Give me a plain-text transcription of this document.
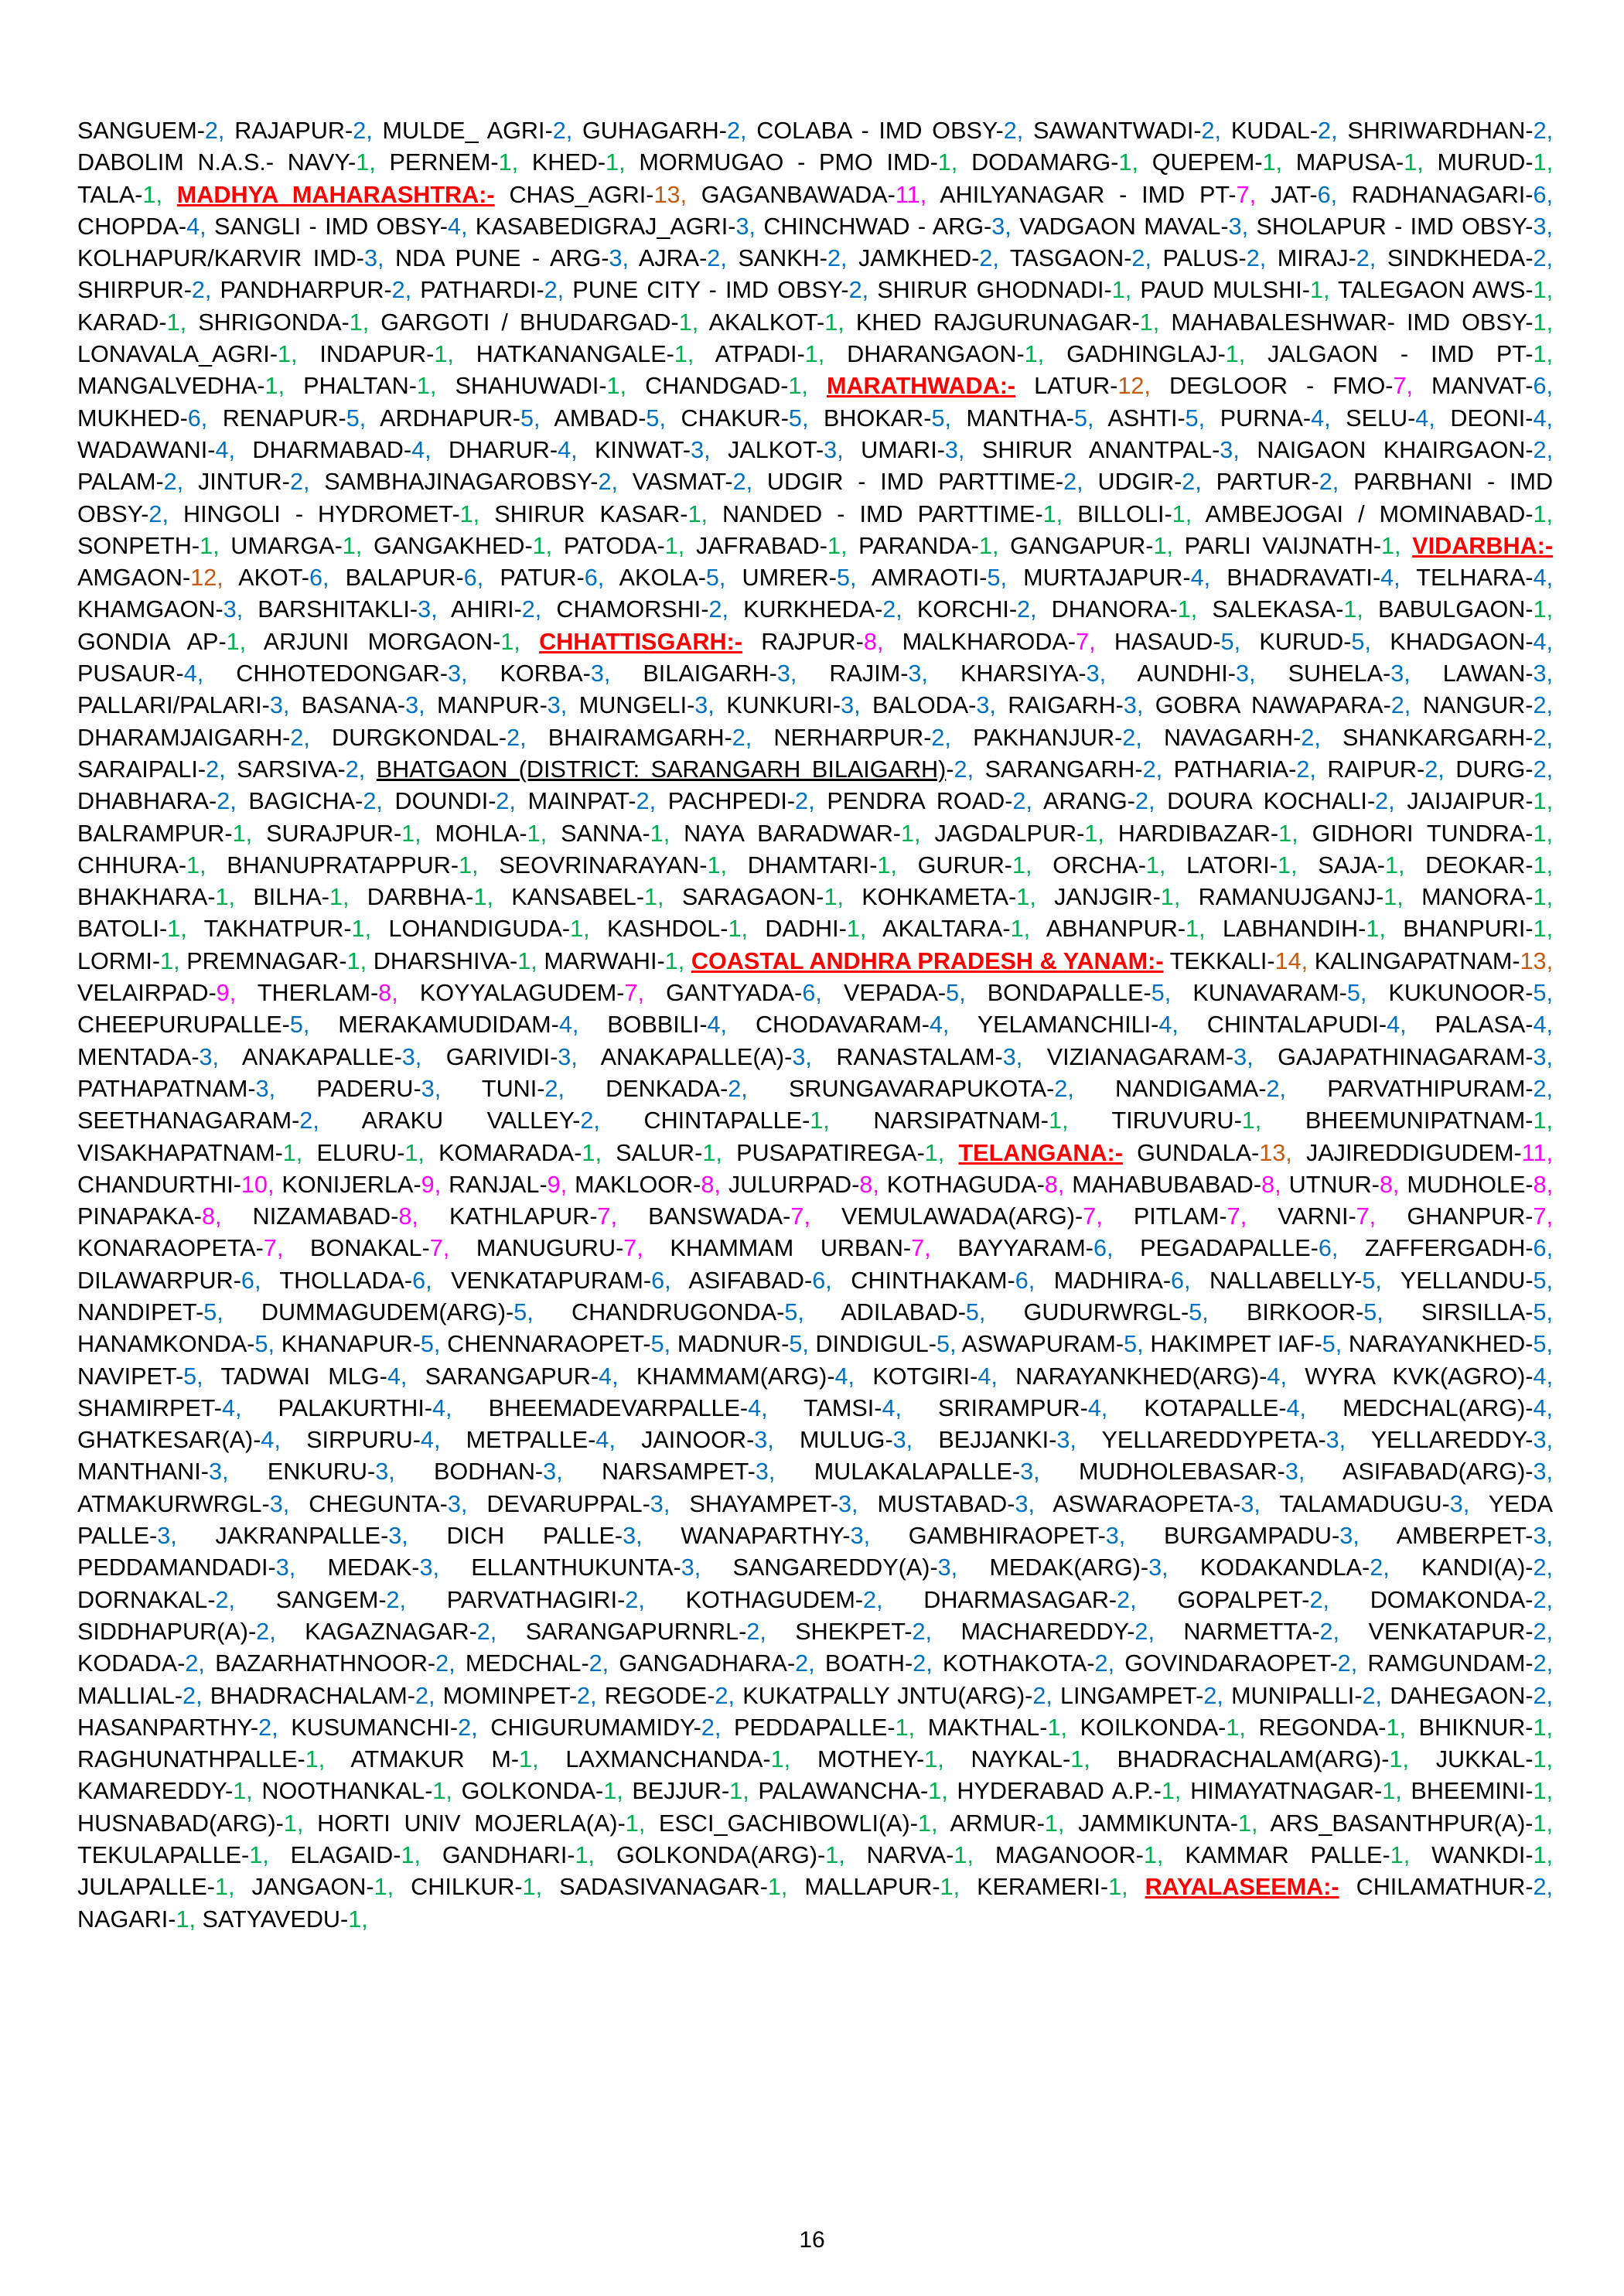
SANGUEM-2, RAJAPUR-2, MULDE_ AGRI-2, GUHAGARH-2, COLABA - IMD OBSY-2, SAWANTWADI-2, KUDAL-2, SHRIWARDHAN-2, DABOLIM N.A.S.- NAVY-1, PERNEM-1, KHED-1, MORMUGAO - PMO IMD-1, DODAMARG-1, QUEPEM-1, MAPUSA-1, MURUD-1, TALA-1, MADHYA MAHARASHTRA:- CHAS_AGRI-13, GAGANBAWADA-11, AHILYANAGAR - IMD PT-7, JAT-6, RADHANAGARI-6, CHOPDA-4, SANGLI - IMD OBSY-4, KASABEDIGRAJ_AGRI-3, CHINCHWAD - ARG-3, VADGAON MAVAL-3, SHOLAPUR - IMD OBSY-3, KOLHAPUR/KARVIR IMD-3, NDA PUNE - ARG-3, AJRA-2, SANKH-2, JAMKHED-2, TASGAON-2, PALUS-2, MIRAJ-2, SINDKHEDA-2, SHIRPUR-2, PANDHARPUR-2, PATHARDI-2, PUNE CITY - IMD OBSY-2, SHIRUR GHODNADI-1, PAUD MULSHI-1, TALEGAON AWS-1, KARAD-1, SHRIGONDA-1, GARGOTI / BHUDARGAD-1, AKALKOT-1, KHED RAJGURUNAGAR-1, MAHABALESHWAR- IMD OBSY-1, LONAVALA_AGRI-1, INDAPUR-1, HATKANANGALE-1, ATPADI-1, DHARANGAON-1, GADHINGLAJ-1, JALGAON - IMD PT-1, MANGALVEDHA-1, PHALTAN-1, SHAHUWADI-1, CHANDGAD-1, MARATHWADA:- LATUR-12, DEGLOOR - FMO-7, MANVAT-6, MUKHED-6, RENAPUR-5, ARDHAPUR-5, AMBAD-5, CHAKUR-5, BHOKAR-5, MANTHA-5, ASHTI-5, PURNA-4, SELU-4, DEONI-4, WADAWANI-4, DHARMABAD-4, DHARUR-4, KINWAT-3, JALKOT-3, UMARI-3, SHIRUR ANANTPAL-3, NAIGAON KHAIRGAON-2, PALAM-2, JINTUR-2, SAMBHAJINAGAROBSY-2, VASMAT-2, UDGIR - IMD PARTTIME-2, UDGIR-2, PARTUR-2, PARBHANI - IMD OBSY-2, HINGOLI - HYDROMET-1, SHIRUR KASAR-1, NANDED - IMD PARTTIME-1, BILLOLI-1, AMBEJOGAI / MOMINABAD-1, SONPETH-1, UMARGA-1, GANGAKHED-1, PATODA-1, JAFRABAD-1, PARANDA-1, GANGAPUR-1, PARLI VAIJNATH-1, VIDARBHA:- AMGAON-12, AKOT-6, BALAPUR-6, PATUR-6, AKOLA-5, UMRER-5, AMRAOTI-5, MURTAJAPUR-4, BHADRAVATI-4, TELHARA-4, KHAMGAON-3, BARSHITAKLI-3, AHIRI-2, CHAMORSHI-2, KURKHEDA-2, KORCHI-2, DHANORA-1, SALEKASA-1, BABULGAON-1, GONDIA AP-1, ARJUNI MORGAON-1, CHHATTISGARH:- RAJPUR-8, MALKHARODA-7, HASAUD-5, KURUD-5, KHADGAON-4, PUSAUR-4, CHHOTEDONGAR-3, KORBA-3, BILAIGARH-3, RAJIM-3, KHARSIYA-3, AUNDHI-3, SUHELA-3, LAWAN-3, PALLARI/PALARI-3, BASANA-3, MANPUR-3, MUNGELI-3, KUNKURI-3, BALODA-3, RAIGARH-3, GOBRA NAWAPARA-2, NANGUR-2, DHARAMJAIGARH-2, DURGKONDAL-2, BHAIRAMGARH-2, NERHARPUR-2, PAKHANJUR-2, NAVAGARH-2, SHANKARGARH-2, SARAIPALI-2, SARSIVA-2, BHATGAON (DISTRICT: SARANGARH BILAIGARH)-2, SARANGARH-2, PATHARIA-2, RAIPUR-2, DURG-2, DHABHARA-2, BAGICHA-2, DOUNDI-2, MAINPAT-2, PACHPEDI-2, PENDRA ROAD-2, ARANG-2, DOURA KOCHALI-2, JAIJAIPUR-1, BALRAMPUR-1, SURAJPUR-1, MOHLA-1, SANNA-1, NAYA BARADWAR-1, JAGDALPUR-1, HARDIBAZAR-1, GIDHORI TUNDRA-1, CHHURA-1, BHANUPRATAPPUR-1, SEOVRINARAYAN-1, DHAMTARI-1, GURUR-1, ORCHA-1, LATORI-1, SAJA-1, DEOKAR-1, BHAKHARA-1, BILHA-1, DARBHA-1, KANSABEL-1, SARAGAON-1, KOHKAMETA-1, JANJGIR-1, RAMANUJGANJ-1, MANORA-1, BATOLI-1, TAKHATPUR-1, LOHANDIGUDA-1, KASHDOL-1, DADHI-1, AKALTARA-1, ABHANPUR-1, LABHANDIH-1, BHANPURI-1, LORMI-1, PREMNAGAR-1, DHARSHIVA-1, MARWAHI-1, COASTAL ANDHRA PRADESH & YANAM:- TEKKALI-14, KALINGAPATNAM-13, VELAIRPAD-9, THERLAM-8, KOYYALAGUDEM-7, GANTYADA-6, VEPADA-5, BONDAPALLE-5, KUNAVARAM-5, KUKUNOOR-5, CHEEPURUPALLE-5, MERAKAMUDIDAM-4, BOBBILI-4, CHODAVARAM-4, YELAMANCHILI-4, CHINTALAPUDI-4, PALASA-4, MENTADA-3, ANAKAPALLE-3, GARIVIDI-3, ANAKAPALLE(A)-3, RANASTALAM-3, VIZIANAGARAM-3, GAJAPATHINAGARAM-3, PATHAPATNAM-3, PADERU-3, TUNI-2, DENKADA-2, SRUNGAVARAPUKOTA-2, NANDIGAMA-2, PARVATHIPURAM-2, SEETHANAGARAM-2, ARAKU VALLEY-2, CHINTAPALLE-1, NARSIPATNAM-1, TIRUVURU-1, BHEEMUNIPATNAM-1, VISAKHAPATNAM-1, ELURU-1, KOMARADA-1, SALUR-1, PUSAPATIREGA-1, TELANGANA:- GUNDALA-13, JAJIREDDIGUDEM-11, CHANDURTHI-10, KONIJERLA-9, RANJAL-9, MAKLOOR-8, JULURPAD-8, KOTHAGUDA-8, MAHABUBABAD-8, UTNUR-8, MUDHOLE-8, PINAPAKA-8, NIZAMABAD-8, KATHLAPUR-7, BANSWADA-7, VEMULAWADA(ARG)-7, PITLAM-7, VARNI-7, GHANPUR-7, KONARAOPETA-7, BONAKAL-7, MANUGURU-7, KHAMMAM URBAN-7, BAYYARAM-6, PEGADAPALLE-6, ZAFFERGADH-6, DILAWARPUR-6, THOLLADA-6, VENKATAPURAM-6, ASIFABAD-6, CHINTHAKAM-6, MADHIRA-6, NALLABELLY-5, YELLANDU-5, NANDIPET-5, DUMMAGUDEM(ARG)-5, CHANDRUGONDA-5, ADILABAD-5, GUDURWRGL-5, BIRKOOR-5, SIRSILLA-5, HANAMKONDA-5, KHANAPUR-5, CHENNARAOPET-5, MADNUR-5, DINDIGUL-5, ASWAPURAM-5, HAKIMPET IAF-5, NARAYANKHED-5, NAVIPET-5, TADWAI MLG-4, SARANGAPUR-4, KHAMMAM(ARG)-4, KOTGIRI-4, NARAYANKHED(ARG)-4, WYRA KVK(AGRO)-4, SHAMIRPET-4, PALAKURTHI-4, BHEEMADEVARPALLE-4, TAMSI-4, SRIRAMPUR-4, KOTAPALLE-4, MEDCHAL(ARG)-4, GHATKESAR(A)-4, SIRPURU-4, METPALLE-4, JAINOOR-3, MULUG-3, BEJJANKI-3, YELLAREDDYPETA-3, YELLAREDDY-3, MANTHANI-3, ENKURU-3, BODHAN-3, NARSAMPET-3, MULAKALAPALLE-3, MUDHOLEBASAR-3, ASIFABAD(ARG)-3, ATMAKURWRGL-3, CHEGUNTA-3, DEVARUPPAL-3, SHAYAMPET-3, MUSTABAD-3, ASWARAOPETA-3, TALAMADUGU-3, YEDA PALLE-3, JAKRANPALLE-3, DICH PALLE-3, WANAPARTHY-3, GAMBHIRAOPET-3, BURGAMPADU-3, AMBERPET-3, PEDDAMANDADI-3, MEDAK-3, ELLANTHUKUNTA-3, SANGAREDDY(A)-3, MEDAK(ARG)-3, KODAKANDLA-2, KANDI(A)-2, DORNAKAL-2, SANGEM-2, PARVATHAGIRI-2, KOTHAGUDEM-2, DHARMASAGAR-2, GOPALPET-2, DOMAKONDA-2, SIDDHAPUR(A)-2, KAGAZNAGAR-2, SARANGAPURNRL-2, SHEKPET-2, MACHAREDDY-2, NARMETTA-2, VENKATAPUR-2, KODADA-2, BAZARHATHNOOR-2, MEDCHAL-2, GANGADHARA-2, BOATH-2, KOTHAKOTA-2, GOVINDARAOPET-2, RAMGUNDAM-2, MALLIAL-2, BHADRACHALAM-2, MOMINPET-2, REGODE-2, KUKATPALLY JNTU(ARG)-2, LINGAMPET-2, MUNIPALLI-2, DAHEGAON-2, HASANPARTHY-2, KUSUMANCHI-2, CHIGURUMAMIDY-2, PEDDAPALLE-1, MAKTHAL-1, KOILKONDA-1, REGONDA-1, BHIKNUR-1, RAGHUNATHPALLE-1, ATMAKUR M-1, LAXMANCHANDA-1, MOTHEY-1, NAYKAL-1, BHADRACHALAM(ARG)-1, JUKKAL-1, KAMAREDDY-1, NOOTHANKAL-1, GOLKONDA-1, BEJJUR-1, PALAWANCHA-1, HYDERABAD A.P.-1, HIMAYATNAGAR-1, BHEEMINI-1, HUSNABAD(ARG)-1, HORTI UNIV MOJERLA(A)-1, ESCI_GACHIBOWLI(A)-1, ARMUR-1, JAMMIKUNTA-1, ARS_BASANTHPUR(A)-1, TEKULAPALLE-1, ELAGAID-1, GANDHARI-1, GOLKONDA(ARG)-1, NARVA-1, MAGANOOR-1, KAMMAR PALLE-1, WANKDI-1, JULAPALLE-1, JANGAON-1, CHILKUR-1, SADASIVANAGAR-1, MALLAPUR-1, KERAMERI-1, RAYALASEEMA:- CHILAMATHUR-2, NAGARI-1, SATYAVEDU-1,

16
